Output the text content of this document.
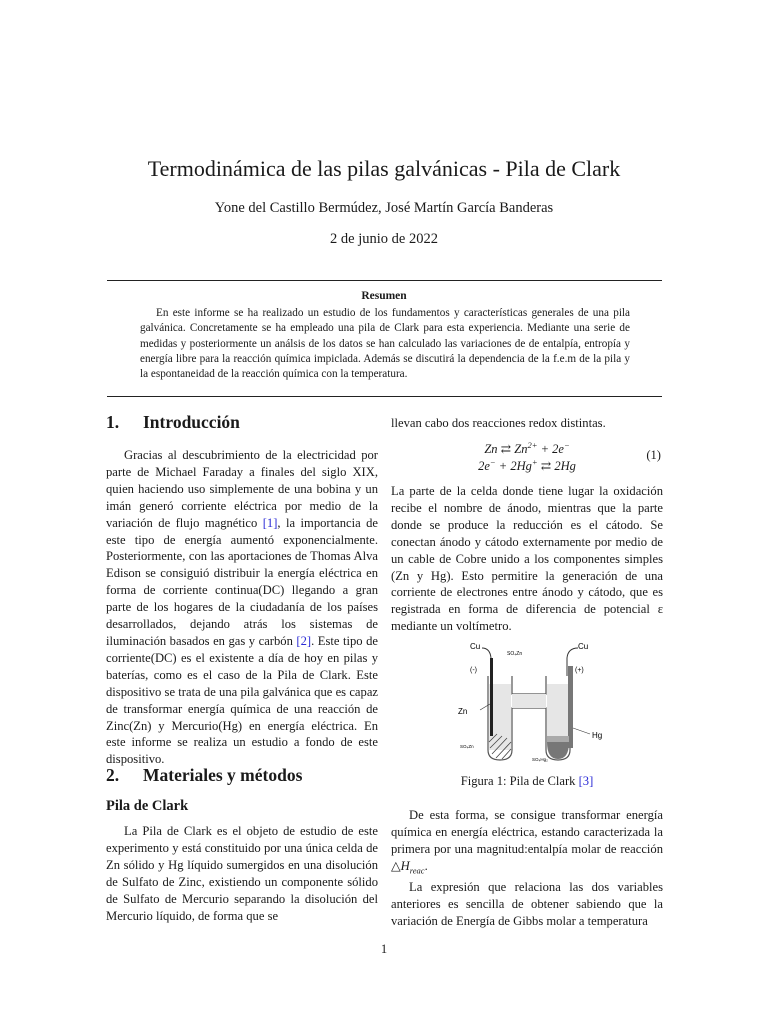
Termodinámica de las pilas galvánicas - Pila de Clark
Yone del Castillo Bermúdez, José Martín García Banderas
2 de junio de 2022
Resumen

En este informe se ha realizado un estudio de los fundamentos y características generales de una pila galvánica. Concretamente se ha empleado una pila de Clark para esta experiencia. Mediante una serie de medidas y posteriormente un análsis de los datos se han calculado las variaciones de de entalpía, entropía y energía libre para la reacción química impiclada. Además se discutirá la dependencia de la f.e.m de la pila y la espontaneidad de la reacción química con la temperatura.

1. Introducción

Gracias al descubrimiento de la electricidad por parte de Michael Faraday a finales del siglo XIX, quien haciendo uso simplemente de una bobina y un imán generó corriente eléctrica por medio de la variación de flujo magnético [1], la importancia de este tipo de energía aumentó exponencialmente. Posteriormente, con las aportaciones de Thomas Alva Edison se consiguió distribuir la energía eléctrica en forma de corriente continua(DC) llegando a gran parte de los hogares de la ciudadanía de los países desarrollados, dejando atrás los sistemas de iluminación basados en gas y carbón [2]. Este tipo de corriente(DC) es el existente a día de hoy en pilas y baterías, como es el caso de la Pila de Clark. Este dispositivo se trata de una pila galvánica que es capaz de transformar energía química de una reacción de Zinc(Zn) y Mercurio(Hg) en energía eléctrica. En este informe se realiza un estudio a fondo de este dispositivo.

2. Materiales y métodos
Pila de Clark

La Pila de Clark es el objeto de estudio de este experimento y está constituido por una única celda de Zn sólido y Hg líquido sumergidos en una disolución de Sulfato de Zinc, existiendo un componente sólido de Sulfato de Mercurio separando la disolución del Mercurio líquido, de forma que se

llevan cabo dos reacciones redox distintas.

Zn ⇄ $Zn^{2+} + 2e^-$
2e− + 2Hg+ ⇄ 2Hg
(1)

La parte de la celda donde tiene lugar la oxidación recibe el nombre de ánodo, mientras que la parte donde se produce la reducción es el cátodo. Se conectan ánodo y cátodo externamente por medio de un cable de Cobre unido a los componentes simples (Zn y Hg). Esto permitire la generación de una corriente de electrones entre ánodo y cátodo, que es registrada en forma de diferencia de potencial ε mediante un voltímetro.

Cu	Cu
(-)	(+)
SO₄Zn
Zn
Hg
SO₄Zn
SO₄Hg₂
Figura 1: Pila de Clark [3]

De esta forma, se consigue transformar energía química en energía eléctrica, estando caracterizada la primera por una magnitud:entalpía molar de reacción $\triangle H_{reac}$.

La expresión que relaciona las dos variables anteriores es sencilla de obtener sabiendo que la variación de Energía de Gibbs molar a temperatura

1
